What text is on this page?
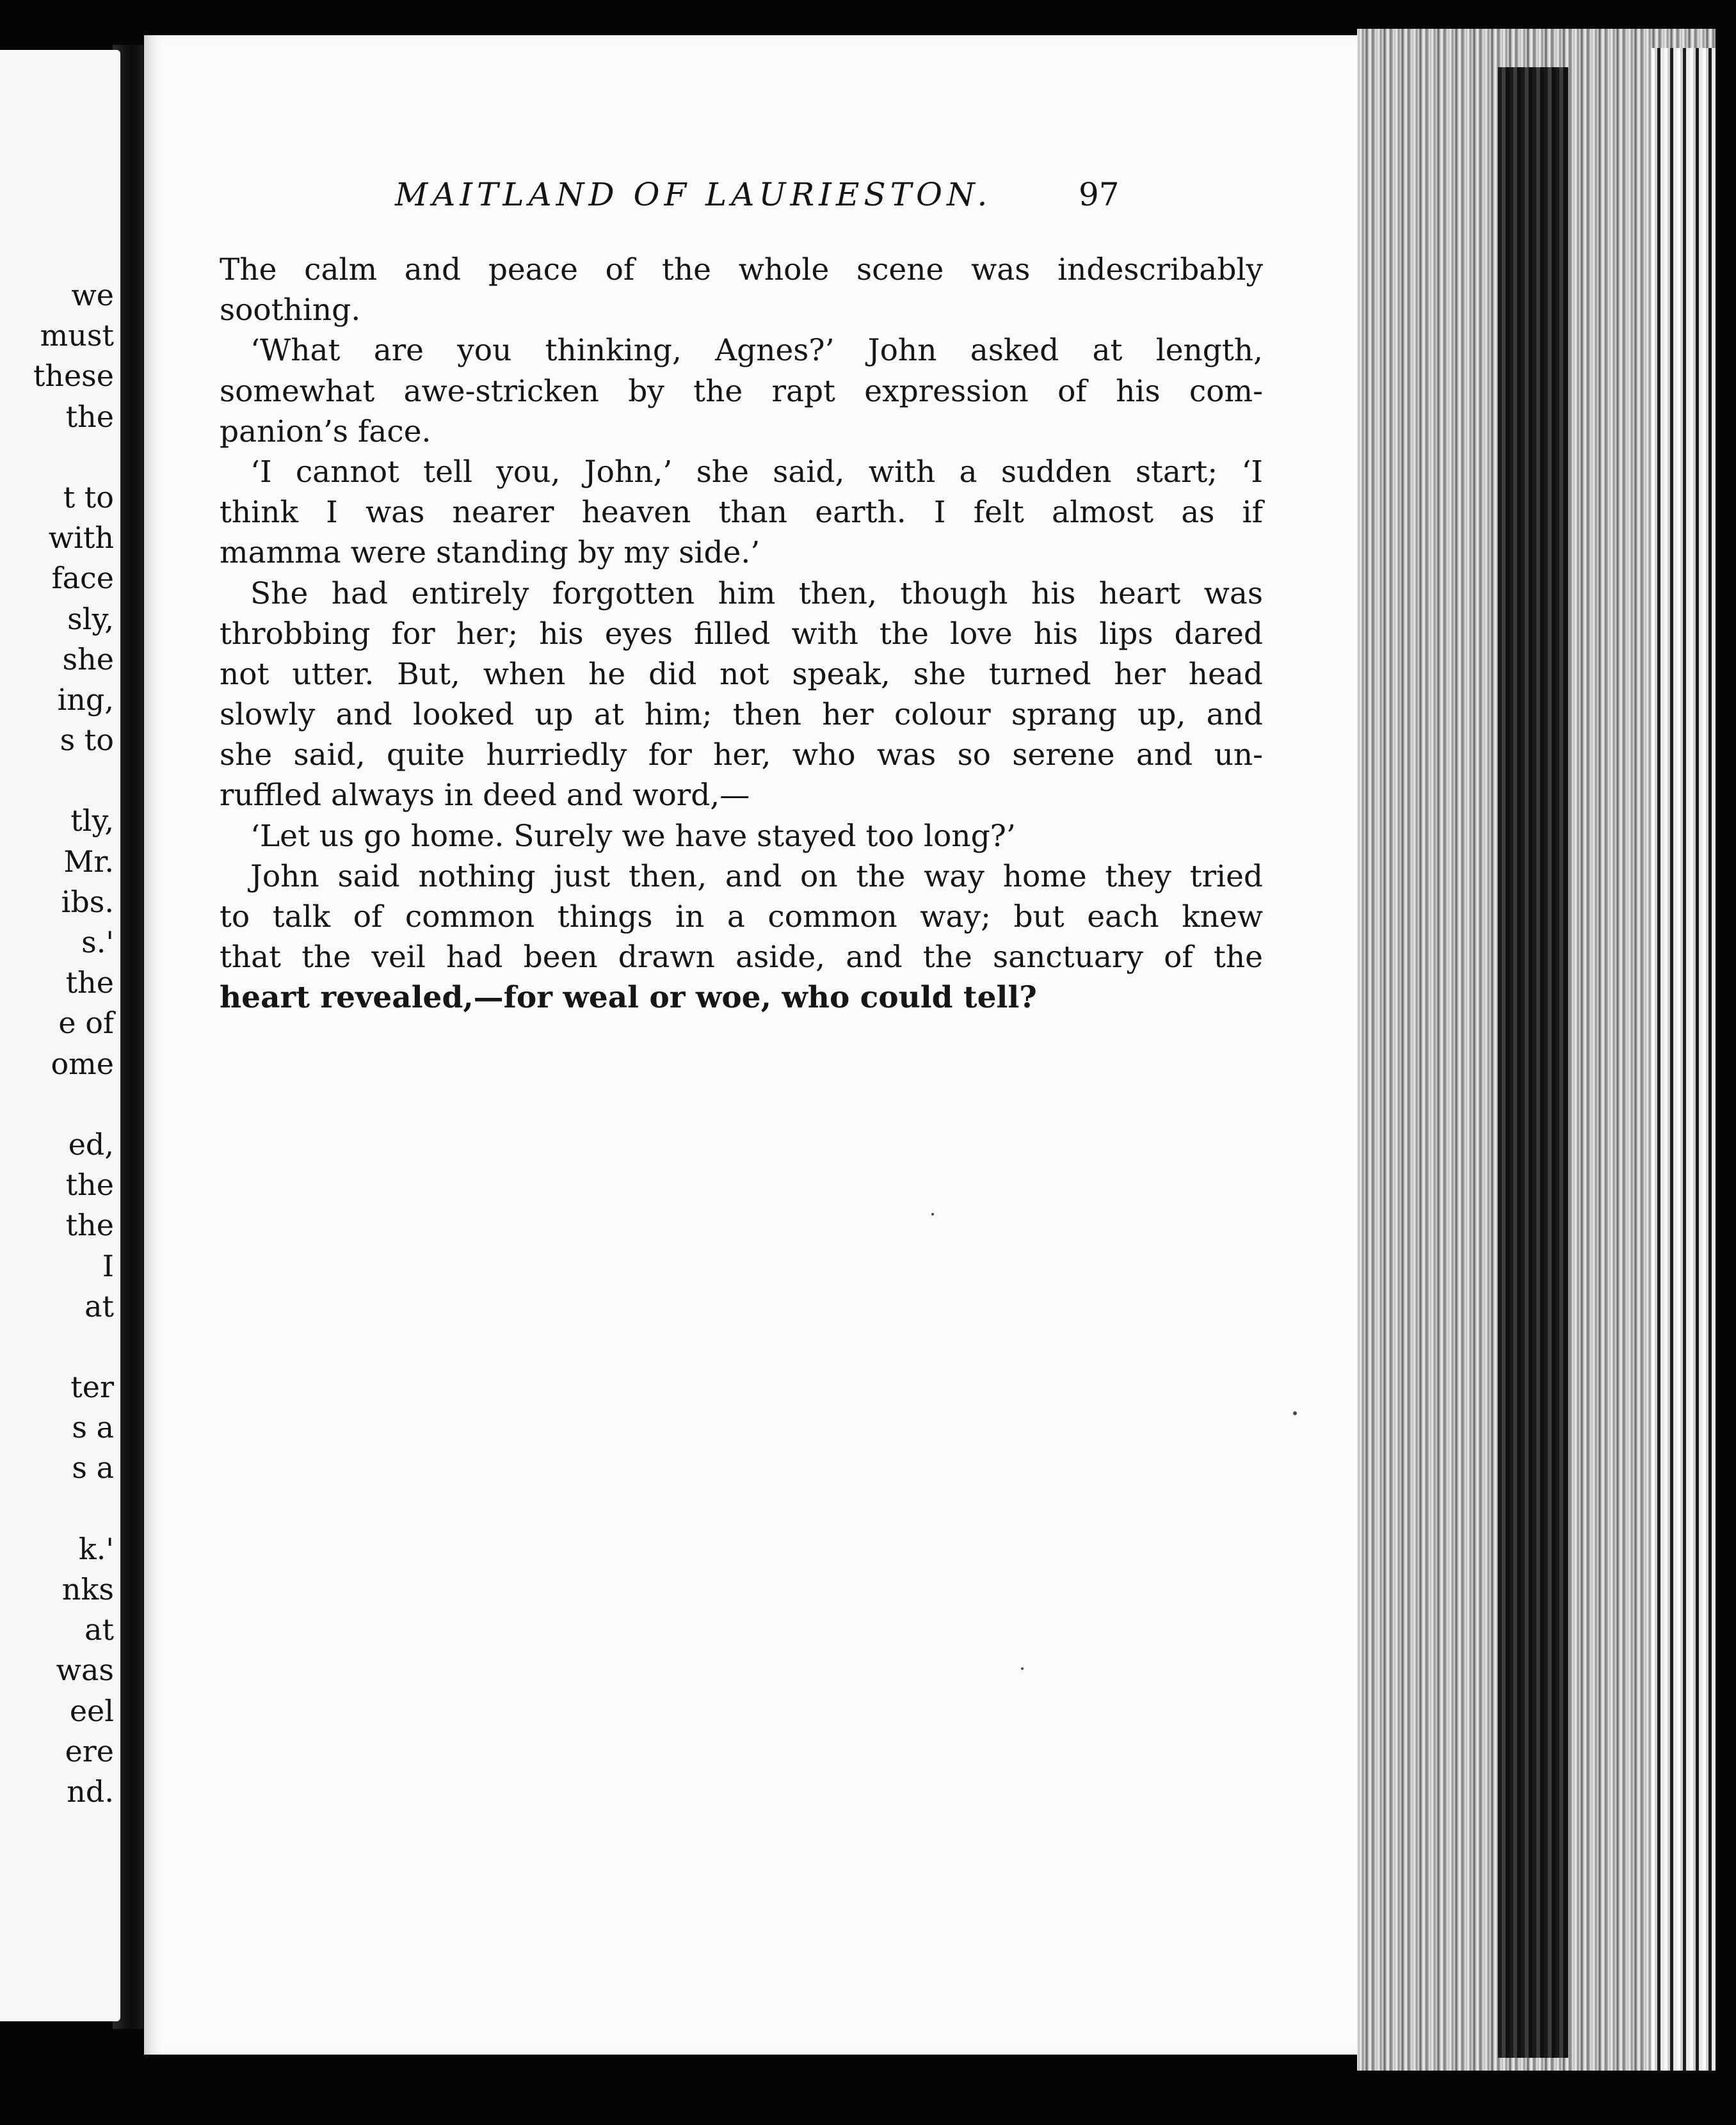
we
must
these
the
t to
with
face
sly,
she
ing,
s to
tly,
Mr.
ibs.
s.'
the
e of
ome
ed,
the
the
I
at
ter
s a
s a
k.'
nks
at
was
eel
ere
nd.
MAITLAND OF LAURIESTON.	97
The calm and peace of the whole scene was indescribably
soothing.
‘What are you thinking, Agnes?’ John asked at length,
somewhat awe-stricken by the rapt expression of his com-
panion’s face.
‘I cannot tell you, John,’ she said, with a sudden start; ‘I
think I was nearer heaven than earth. I felt almost as if
mamma were standing by my side.’
She had entirely forgotten him then, though his heart was
throbbing for her; his eyes filled with the love his lips dared
not utter. But, when he did not speak, she turned her head
slowly and looked up at him; then her colour sprang up, and
she said, quite hurriedly for her, who was so serene and un-
ruffled always in deed and word,—
‘Let us go home. Surely we have stayed too long?’
John said nothing just then, and on the way home they tried
to talk of common things in a common way; but each knew
that the veil had been drawn aside, and the sanctuary of the
heart revealed,—for weal or woe, who could tell?
